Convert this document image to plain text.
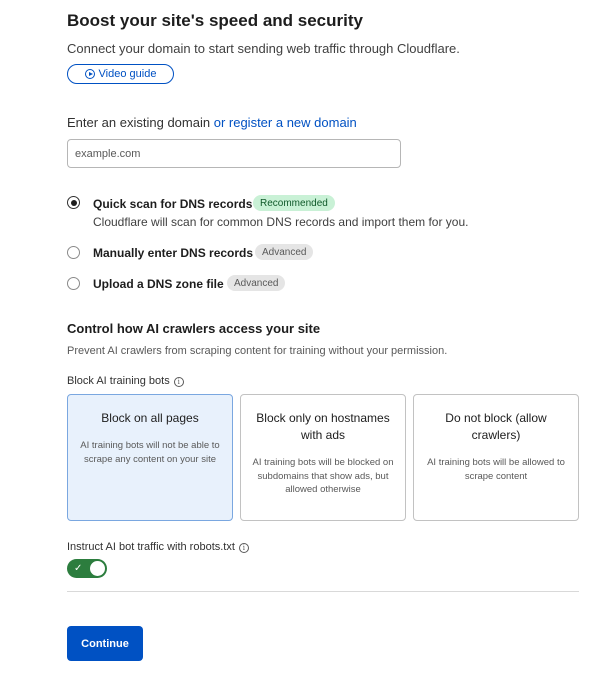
Boost your site's speed and security
Connect your domain to start sending web traffic through Cloudflare.
Video guide
Enter an existing domain or register a new domain
example.com
Quick scan for DNS records Recommended
Cloudflare will scan for common DNS records and import them for you.
Manually enter DNS records Advanced
Upload a DNS zone file	Advanced
Control how AI crawlers access your site
Prevent AI crawlers from scraping content for training without your permission.
Block AI training bots i
Block on all pages
AI training bots will not be able to scrape any content on your site
Block only on hostnames with ads
AI training bots will be blocked on subdomains that show ads, but allowed otherwise
Do not block (allow crawlers)
AI training bots will be allowed to scrape content
Instruct AI bot traffic with robots.txt i
✓
Continue
